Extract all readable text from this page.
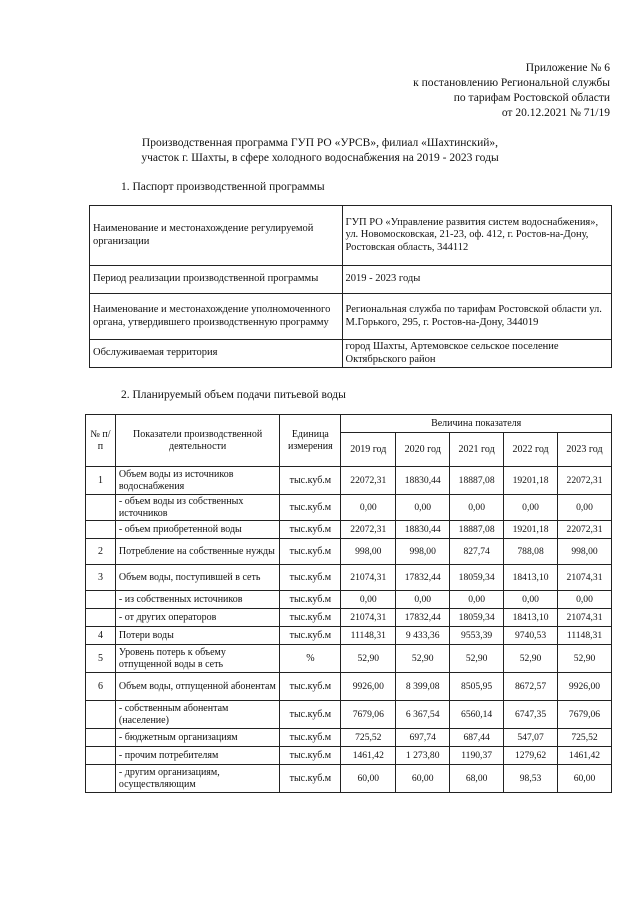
Приложение № 6
к постановлению Региональной службы
по тарифам Ростовской области
от 20.12.2021 № 71/19
Производственная программа ГУП РО «УРСВ», филиал «Шахтинский»,
участок г. Шахты, в сфере холодного водоснабжения на 2019 - 2023 годы
1. Паспорт производственной программы
Наименование и местонахождение регулируемой организации	ГУП РО «Управление развития систем водоснабжения», ул. Новомосковская, 21-23, оф. 412, г. Ростов-на-Дону, Ростовская область, 344112
Период реализации производственной программы	2019 - 2023 годы
Наименование и местонахождение уполномоченного органа, утвердившего производственную программу	Региональная служба по тарифам Ростовской области ул. М.Горького, 295, г. Ростов-на-Дону, 344019
Обслуживаемая территория	город Шахты, Артемовское сельское поселение Октябрьского район
2. Планируемый объем подачи питьевой воды
№ п/п	Показатели производственной деятельности	Единица измерения	Величина показателя				
			2019 год	2020 год	2021 год	2022 год	2023 год
1	Объем воды из источников водоснабжения	тыс.куб.м	22072,31	18830,44	18887,08	19201,18	22072,31
	- объем воды из собственных источников	тыс.куб.м	0,00	0,00	0,00	0,00	0,00
	- объем приобретенной воды	тыс.куб.м	22072,31	18830,44	18887,08	19201,18	22072,31
2	Потребление на собственные нужды	тыс.куб.м	998,00	998,00	827,74	788,08	998,00
3	Объем воды, поступившей в сеть	тыс.куб.м	21074,31	17832,44	18059,34	18413,10	21074,31
	- из собственных источников	тыс.куб.м	0,00	0,00	0,00	0,00	0,00
	- от других операторов	тыс.куб.м	21074,31	17832,44	18059,34	18413,10	21074,31
4	Потери воды	тыс.куб.м	11148,31	9 433,36	9553,39	9740,53	11148,31
5	Уровень потерь к объему отпущенной воды в сеть	%	52,90	52,90	52,90	52,90	52,90
6	Объем воды, отпущенной абонентам	тыс.куб.м	9926,00	8 399,08	8505,95	8672,57	9926,00
	- собственным абонентам (население)	тыс.куб.м	7679,06	6 367,54	6560,14	6747,35	7679,06
	- бюджетным организациям	тыс.куб.м	725,52	697,74	687,44	547,07	725,52
	- прочим потребителям	тыс.куб.м	1461,42	1 273,80	1190,37	1279,62	1461,42
	- другим организациям, осуществляющим	тыс.куб.м	60,00	60,00	68,00	98,53	60,00
